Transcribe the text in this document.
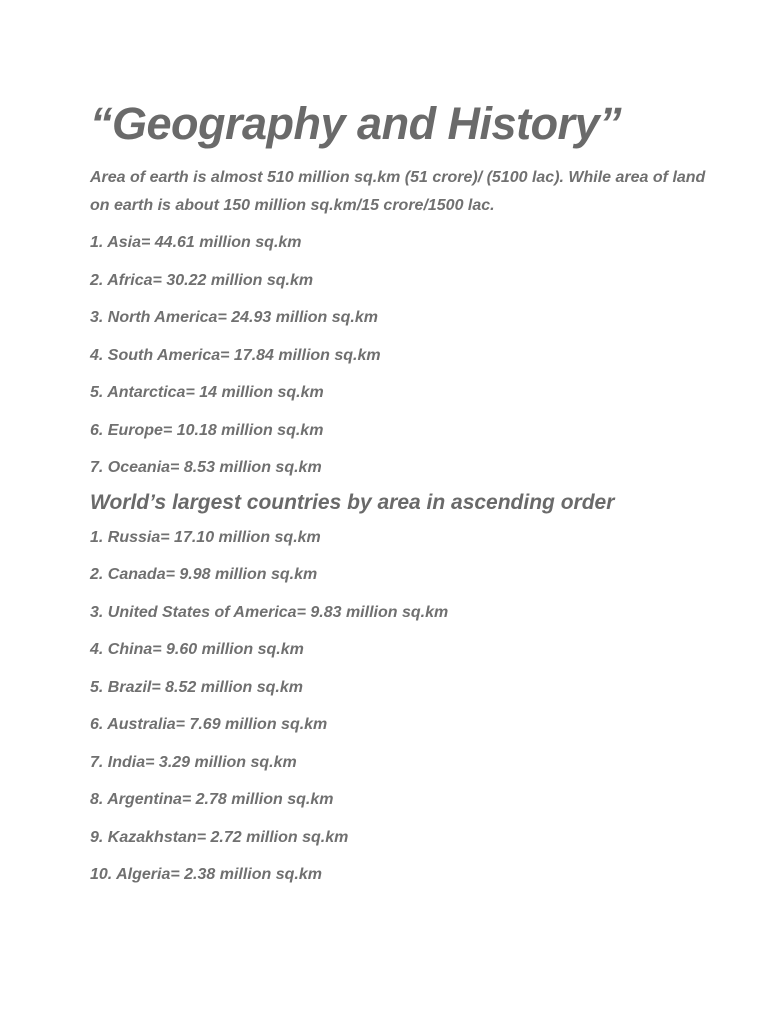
“Geography and History”

Area of earth is almost 510 million sq.km (51 crore)/ (5100 lac). While area of land on earth is about 150 million sq.km/15 crore/1500 lac.

1. Asia= 44.61 million sq.km
2. Africa= 30.22 million sq.km
3. North America= 24.93 million sq.km
4. South America= 17.84 million sq.km
5. Antarctica= 14 million sq.km
6. Europe= 10.18 million sq.km
7. Oceania= 8.53 million sq.km
World’s largest countries by area in ascending order
1. Russia= 17.10 million sq.km
2. Canada= 9.98 million sq.km
3. United States of America= 9.83 million sq.km
4. China= 9.60 million sq.km
5. Brazil= 8.52 million sq.km
6. Australia= 7.69 million sq.km
7. India= 3.29 million sq.km
8. Argentina= 2.78 million sq.km
9. Kazakhstan= 2.72 million sq.km
10. Algeria= 2.38 million sq.km
